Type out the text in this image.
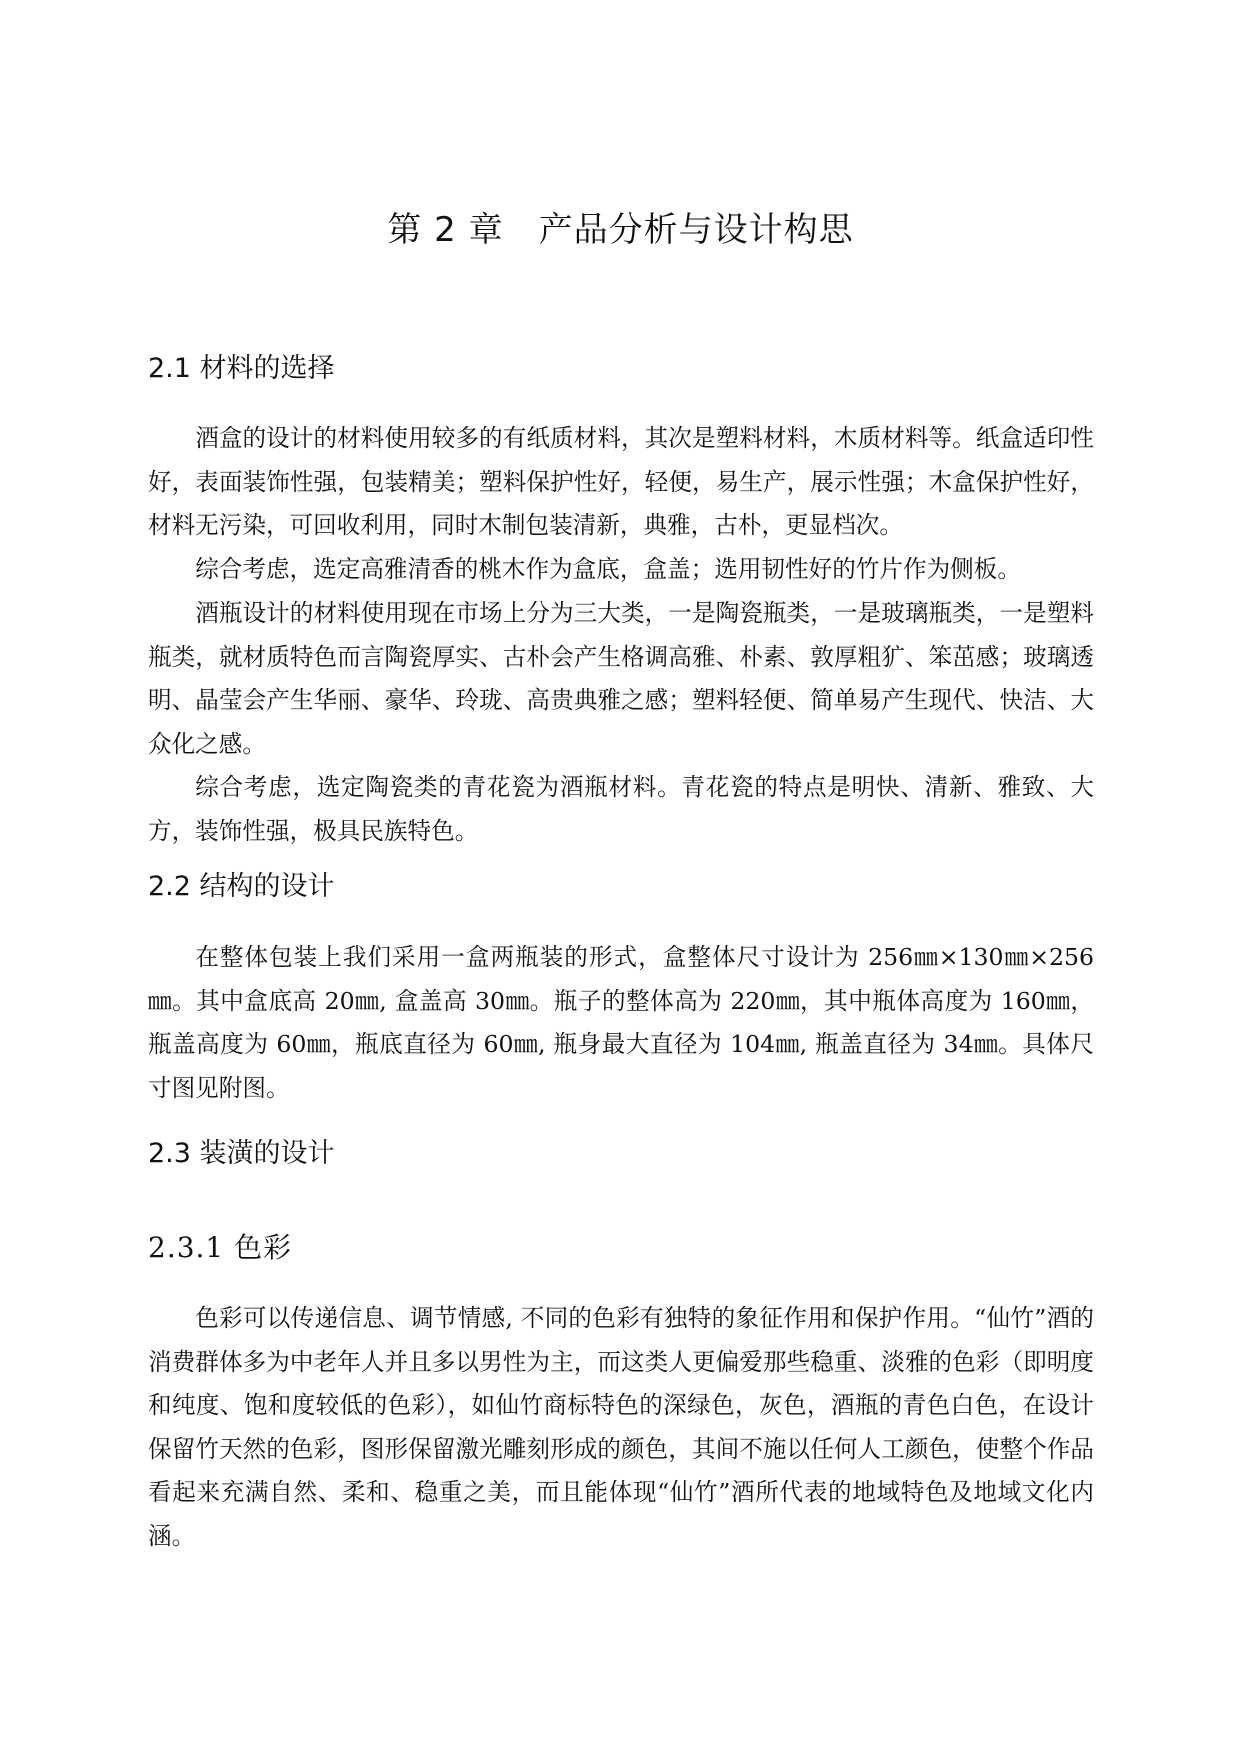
第 2 章　产品分析与设计构思
2.1 材料的选择

酒盒的设计的材料使用较多的有纸质材料，其次是塑料材料，木质材料等。纸盒适印性好，表面装饰性强，包装精美；塑料保护性好，轻便，易生产，展示性强；木盒保护性好，材料无污染，可回收利用，同时木制包装清新，典雅，古朴，更显档次。

综合考虑，选定高雅清香的桃木作为盒底，盒盖；选用韧性好的竹片作为侧板。

酒瓶设计的材料使用现在市场上分为三大类，一是陶瓷瓶类，一是玻璃瓶类，一是塑料瓶类，就材质特色而言陶瓷厚实、古朴会产生格调高雅、朴素、敦厚粗犷、笨茁感；玻璃透明、晶莹会产生华丽、豪华、玲珑、高贵典雅之感；塑料轻便、简单易产生现代、快洁、大众化之感。

综合考虑，选定陶瓷类的青花瓷为酒瓶材料。青花瓷的特点是明快、清新、雅致、大方，装饰性强，极具民族特色。

2.2 结构的设计

在整体包装上我们采用一盒两瓶装的形式，盒整体尺寸设计为 256㎜×130㎜×256㎜。其中盒底高 20㎜, 盒盖高 30㎜。瓶子的整体高为 220㎜，其中瓶体高度为 160㎜，瓶盖高度为 60㎜，瓶底直径为 60㎜, 瓶身最大直径为 104㎜, 瓶盖直径为 34㎜。具体尺寸图见附图。

2.3 装潢的设计
2.3.1 色彩

色彩可以传递信息、调节情感, 不同的色彩有独特的象征作用和保护作用。“仙竹”酒的消费群体多为中老年人并且多以男性为主，而这类人更偏爱那些稳重、淡雅的色彩（即明度和纯度、饱和度较低的色彩），如仙竹商标特色的深绿色，灰色，酒瓶的青色白色，在设计保留竹天然的色彩，图形保留激光雕刻形成的颜色，其间不施以任何人工颜色，使整个作品看起来充满自然、柔和、稳重之美，而且能体现“仙竹”酒所代表的地域特色及地域文化内涵。
